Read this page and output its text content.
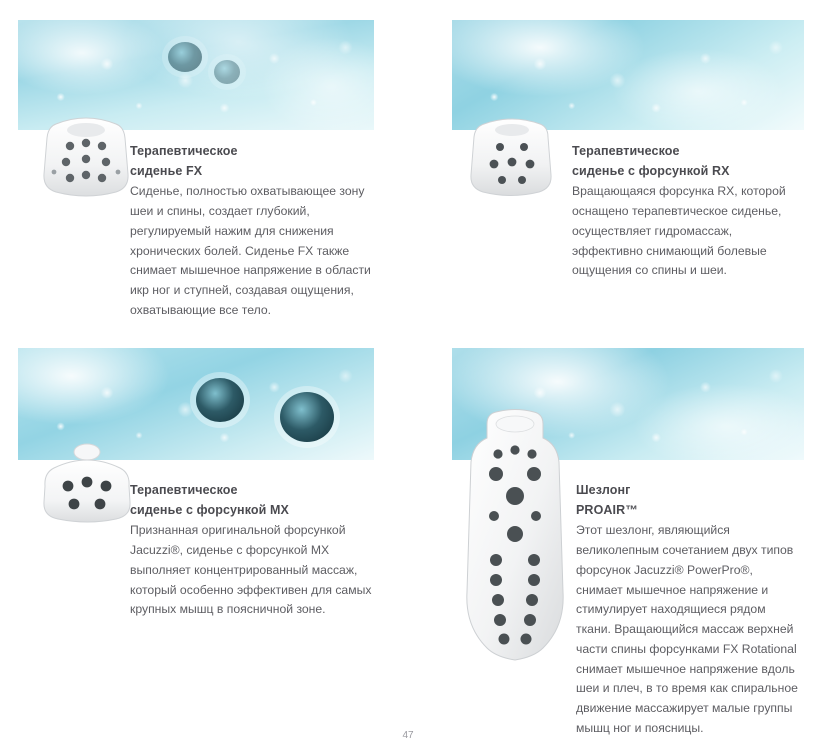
Терапевтическое
сиденье FX

Сиденье, полностью охватывающее зону шеи и спины, создает глубокий, регулируемый нажим для снижения хронических болей. Сиденье FX также снимает мышечное напряжение в области икр ног и ступней, создавая ощущения, охватывающие все тело.

Терапевтическое
сиденье с форсункой RX

Вращающаяся форсунка RX, которой оснащено терапевтическое сиденье, осуществляет гидромассаж, эффективно снимающий болевые ощущения со спины и шеи.

Терапевтическое
сиденье с форсункой MX

Признанная оригинальной форсункой Jacuzzi®, сиденье с форсункой MX выполняет концентрированный массаж, который особенно эффективен для самых крупных мышц в поясничной зоне.

Шезлонг
PROAIR™

Этот шезлонг, являющийся великолепным сочетанием двух типов форсунок Jacuzzi® PowerPro®, снимает мышечное напряжение и стимулирует находящиеся рядом ткани. Вращающийся массаж верхней части спины форсунками FX Rotational снимает мышечное напряжение вдоль шеи и плеч, в то время как спиральное движение массажирует малые группы мышц ног и поясницы.

47
